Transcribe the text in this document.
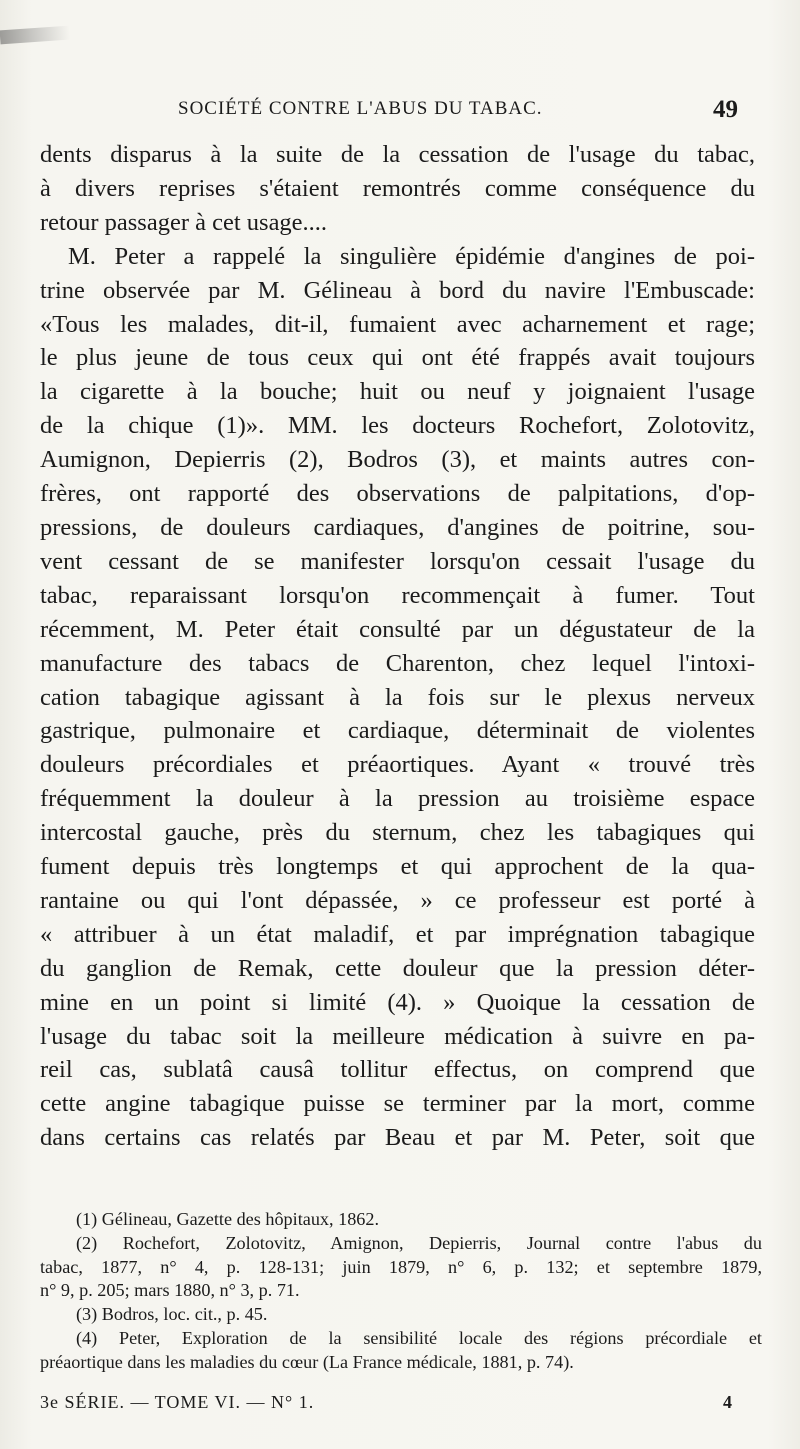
SOCIÉTÉ CONTRE L'ABUS DU TABAC.	49
dents disparus à la suite de la cessation de l'usage du tabac,
à divers reprises s'étaient remontrés comme conséquence du
retour passager à cet usage....
M. Peter a rappelé la singulière épidémie d'angines de poi-
trine observée par M. Gélineau à bord du navire l'Embuscade:
«Tous les malades, dit-il, fumaient avec acharnement et rage;
le plus jeune de tous ceux qui ont été frappés avait toujours
la cigarette à la bouche; huit ou neuf y joignaient l'usage
de la chique (1)». MM. les docteurs Rochefort, Zolotovitz,
Aumignon, Depierris (2), Bodros (3), et maints autres con-
frères, ont rapporté des observations de palpitations, d'op-
pressions, de douleurs cardiaques, d'angines de poitrine, sou-
vent cessant de se manifester lorsqu'on cessait l'usage du
tabac, reparaissant lorsqu'on recommençait à fumer. Tout
récemment, M. Peter était consulté par un dégustateur de la
manufacture des tabacs de Charenton, chez lequel l'intoxi-
cation tabagique agissant à la fois sur le plexus nerveux
gastrique, pulmonaire et cardiaque, déterminait de violentes
douleurs précordiales et préaortiques. Ayant « trouvé très
fréquemment la douleur à la pression au troisième espace
intercostal gauche, près du sternum, chez les tabagiques qui
fument depuis très longtemps et qui approchent de la qua-
rantaine ou qui l'ont dépassée, » ce professeur est porté à
« attribuer à un état maladif, et par imprégnation tabagique
du ganglion de Remak, cette douleur que la pression déter-
mine en un point si limité (4). » Quoique la cessation de
l'usage du tabac soit la meilleure médication à suivre en pa-
reil cas, sublatâ causâ tollitur effectus, on comprend que
cette angine tabagique puisse se terminer par la mort, comme
dans certains cas relatés par Beau et par M. Peter, soit que
(1) Gélineau, Gazette des hôpitaux, 1862.
(2) Rochefort, Zolotovitz, Amignon, Depierris, Journal contre l'abus du
tabac, 1877, n° 4, p. 128-131; juin 1879, n° 6, p. 132; et septembre 1879,
n° 9, p. 205; mars 1880, n° 3, p. 71.
(3) Bodros, loc. cit., p. 45.
(4) Peter, Exploration de la sensibilité locale des régions précordiale et
préaortique dans les maladies du cœur (La France médicale, 1881, p. 74).
3e SÉRIE. — TOME VI. — N° 1.	4
